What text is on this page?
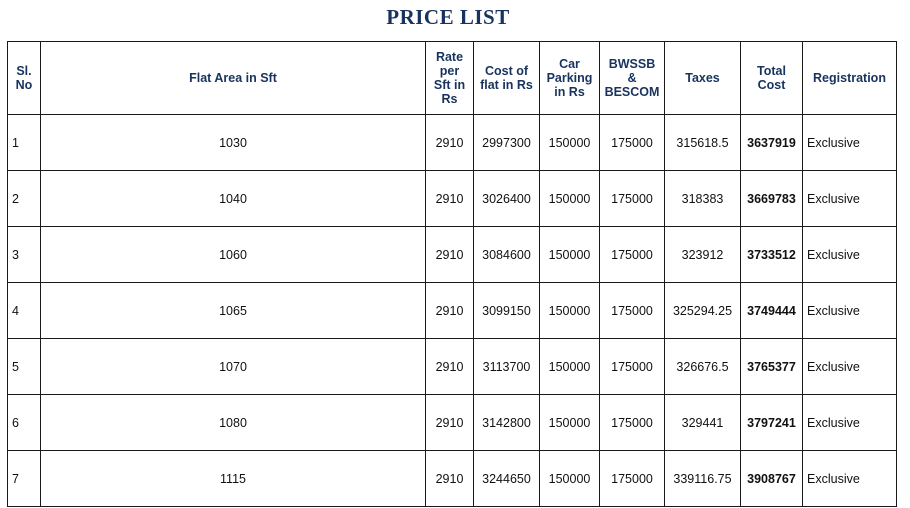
PRICE LIST
Sl. No	Flat Area in Sft	Rate per Sft in Rs	Cost of flat in Rs	Car Parking in Rs	BWSSB & BESCOM	Taxes	Total Cost	Registration
1	1030	2910	2997300	150000	175000	315618.5	3637919	Exclusive
2	1040	2910	3026400	150000	175000	318383	3669783	Exclusive
3	1060	2910	3084600	150000	175000	323912	3733512	Exclusive
4	1065	2910	3099150	150000	175000	325294.25	3749444	Exclusive
5	1070	2910	3113700	150000	175000	326676.5	3765377	Exclusive
6	1080	2910	3142800	150000	175000	329441	3797241	Exclusive
7	1115	2910	3244650	150000	175000	339116.75	3908767	Exclusive
